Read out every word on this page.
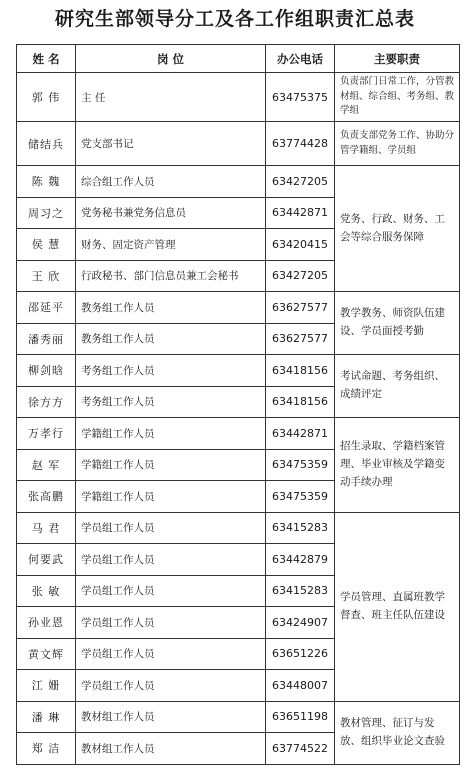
研究生部领导分工及各工作组职责汇总表
姓 名	岗 位	办公电话	主要职责
郭 伟	主 任	63475375	负责部门日常工作，分管教材组、综合组、考务组、教学组
储结兵	党支部书记	63774428	负责支部党务工作、协助分管学籍组、学员组
陈 魏	综合组工作人员	63427205	党务、行政、财务、工会等综合服务保障
周习之	党务秘书兼党务信息员	63442871	
侯 慧	财务、固定资产管理	63420415	
王 欣	行政秘书、部门信息员兼工会秘书	63427205	
邵延平	教务组工作人员	63627577	教学教务、师资队伍建设、学员面授考勤
潘秀丽	教务组工作人员	63627577	
柳剑晗	考务组工作人员	63418156	考试命题、考务组织、成绩评定
徐方方	考务组工作人员	63418156	
万孝行	学籍组工作人员	63442871	招生录取、学籍档案管理、毕业审核及学籍变动手续办理
赵 军	学籍组工作人员	63475359	
张高鹏	学籍组工作人员	63475359	
马 君	学员组工作人员	63415283	学员管理、直属班教学督查、班主任队伍建设
何要武	学员组工作人员	63442879	
张 敏	学员组工作人员	63415283	
孙业恩	学员组工作人员	63424907	
黄文辉	学员组工作人员	63651226	
江 姗	学员组工作人员	63448007	
潘 琳	教材组工作人员	63651198	教材管理、征订与发放、组织毕业论文查验
郑 洁	教材组工作人员	63774522	
